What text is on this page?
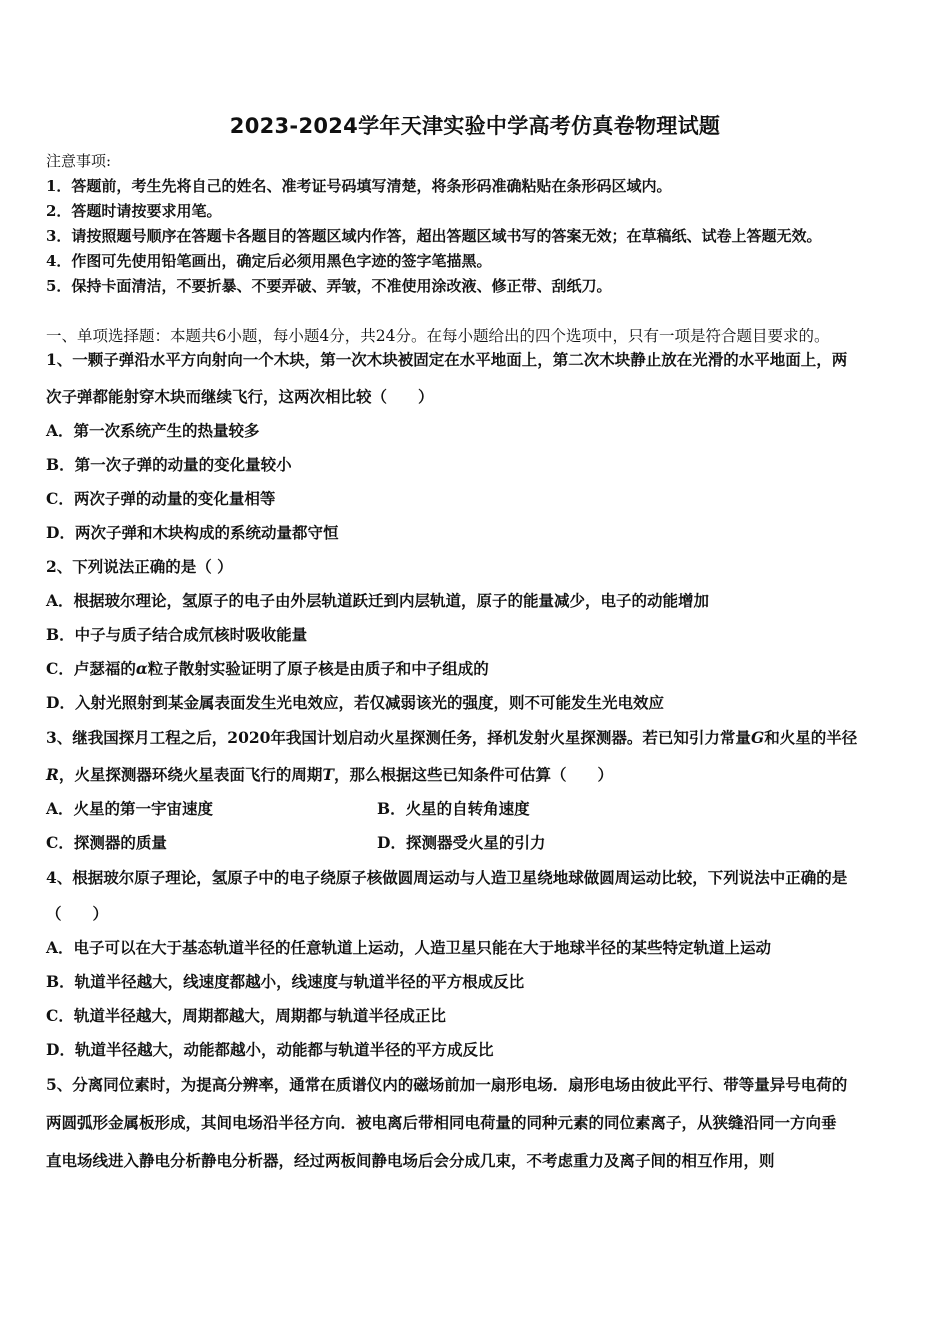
2023-2024学年天津实验中学高考仿真卷物理试题
注意事项:
1．答题前，考生先将自己的姓名、准考证号码填写清楚，将条形码准确粘贴在条形码区域内。
2．答题时请按要求用笔。
3．请按照题号顺序在答题卡各题目的答题区域内作答，超出答题区域书写的答案无效；在草稿纸、试卷上答题无效。
4．作图可先使用铅笔画出，确定后必须用黑色字迹的签字笔描黑。
5．保持卡面清洁，不要折暴、不要弄破、弄皱，不准使用涂改液、修正带、刮纸刀。
一、单项选择题：本题共6小题，每小题4分，共24分。在每小题给出的四个选项中，只有一项是符合题目要求的。
1、一颗子弹沿水平方向射向一个木块，第一次木块被固定在水平地面上，第二次木块静止放在光滑的水平地面上，两
次子弹都能射穿木块而继续飞行，这两次相比较（　　）
A．第一次系统产生的热量较多
B．第一次子弹的动量的变化量较小
C．两次子弹的动量的变化量相等
D．两次子弹和木块构成的系统动量都守恒
2、下列说法正确的是（ ）
A．根据玻尔理论，氢原子的电子由外层轨道跃迁到内层轨道，原子的能量减少，电子的动能增加
B．中子与质子结合成氘核时吸收能量
C．卢瑟福的α粒子散射实验证明了原子核是由质子和中子组成的
D．入射光照射到某金属表面发生光电效应，若仅减弱该光的强度，则不可能发生光电效应
3、继我国探月工程之后，2020年我国计划启动火星探测任务，择机发射火星探测器。若已知引力常量G和火星的半径
R，火星探测器环绕火星表面飞行的周期T，那么根据这些已知条件可估算（　　）
A．火星的第一宇宙速度	B．火星的自转角速度
C．探测器的质量	D．探测器受火星的引力
4、根据玻尔原子理论，氢原子中的电子绕原子核做圆周运动与人造卫星绕地球做圆周运动比较，下列说法中正确的是
（　　）
A．电子可以在大于基态轨道半径的任意轨道上运动，人造卫星只能在大于地球半径的某些特定轨道上运动
B．轨道半径越大，线速度都越小，线速度与轨道半径的平方根成反比
C．轨道半径越大，周期都越大，周期都与轨道半径成正比
D．轨道半径越大，动能都越小，动能都与轨道半径的平方成反比
5、分离同位素时，为提高分辨率，通常在质谱仪内的磁场前加一扇形电场．扇形电场由彼此平行、带等量异号电荷的
两圆弧形金属板形成，其间电场沿半径方向．被电离后带相同电荷量的同种元素的同位素离子，从狭缝沿同一方向垂
直电场线进入静电分析静电分析器，经过两板间静电场后会分成几束，不考虑重力及离子间的相互作用，则
